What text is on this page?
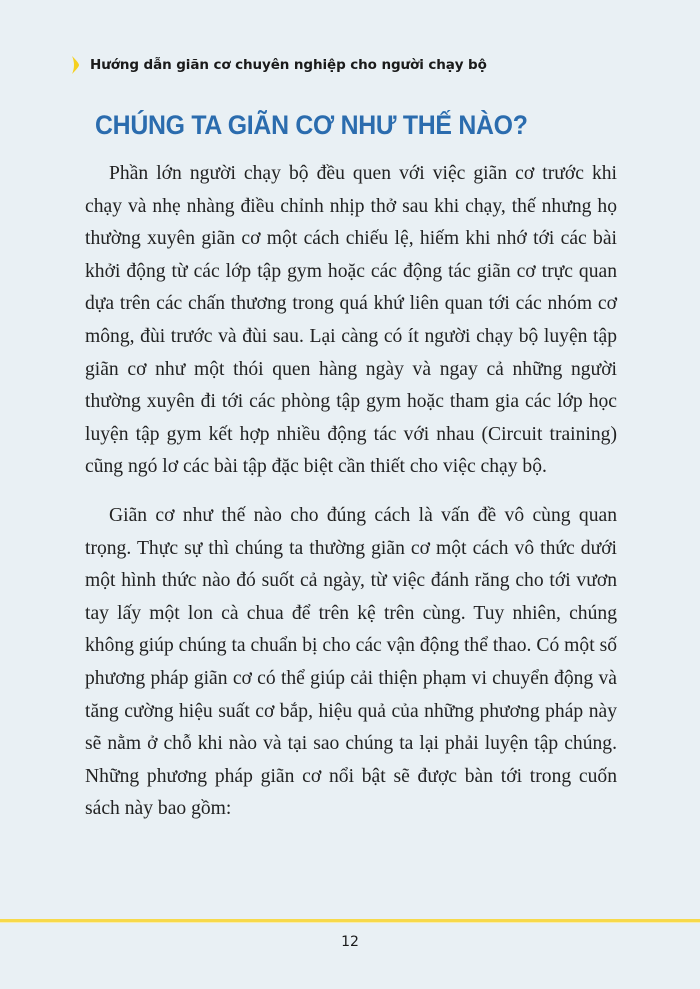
Hướng dẫn giãn cơ chuyên nghiệp cho người chạy bộ
CHÚNG TA GIÃN CƠ NHƯ THẾ NÀO?

Phần lớn người chạy bộ đều quen với việc giãn cơ trước khi chạy và nhẹ nhàng điều chỉnh nhịp thở sau khi chạy, thế nhưng họ thường xuyên giãn cơ một cách chiếu lệ, hiếm khi nhớ tới các bài khởi động từ các lớp tập gym hoặc các động tác giãn cơ trực quan dựa trên các chấn thương trong quá khứ liên quan tới các nhóm cơ mông, đùi trước và đùi sau. Lại càng có ít người chạy bộ luyện tập giãn cơ như một thói quen hàng ngày và ngay cả những người thường xuyên đi tới các phòng tập gym hoặc tham gia các lớp học luyện tập gym kết hợp nhiều động tác với nhau (Circuit training) cũng ngó lơ các bài tập đặc biệt cần thiết cho việc chạy bộ.

Giãn cơ như thế nào cho đúng cách là vấn đề vô cùng quan trọng. Thực sự thì chúng ta thường giãn cơ một cách vô thức dưới một hình thức nào đó suốt cả ngày, từ việc đánh răng cho tới vươn tay lấy một lon cà chua để trên kệ trên cùng. Tuy nhiên, chúng không giúp chúng ta chuẩn bị cho các vận động thể thao. Có một số phương pháp giãn cơ có thể giúp cải thiện phạm vi chuyển động và tăng cường hiệu suất cơ bắp, hiệu quả của những phương pháp này sẽ nằm ở chỗ khi nào và tại sao chúng ta lại phải luyện tập chúng. Những phương pháp giãn cơ nổi bật sẽ được bàn tới trong cuốn sách này bao gồm:

12
